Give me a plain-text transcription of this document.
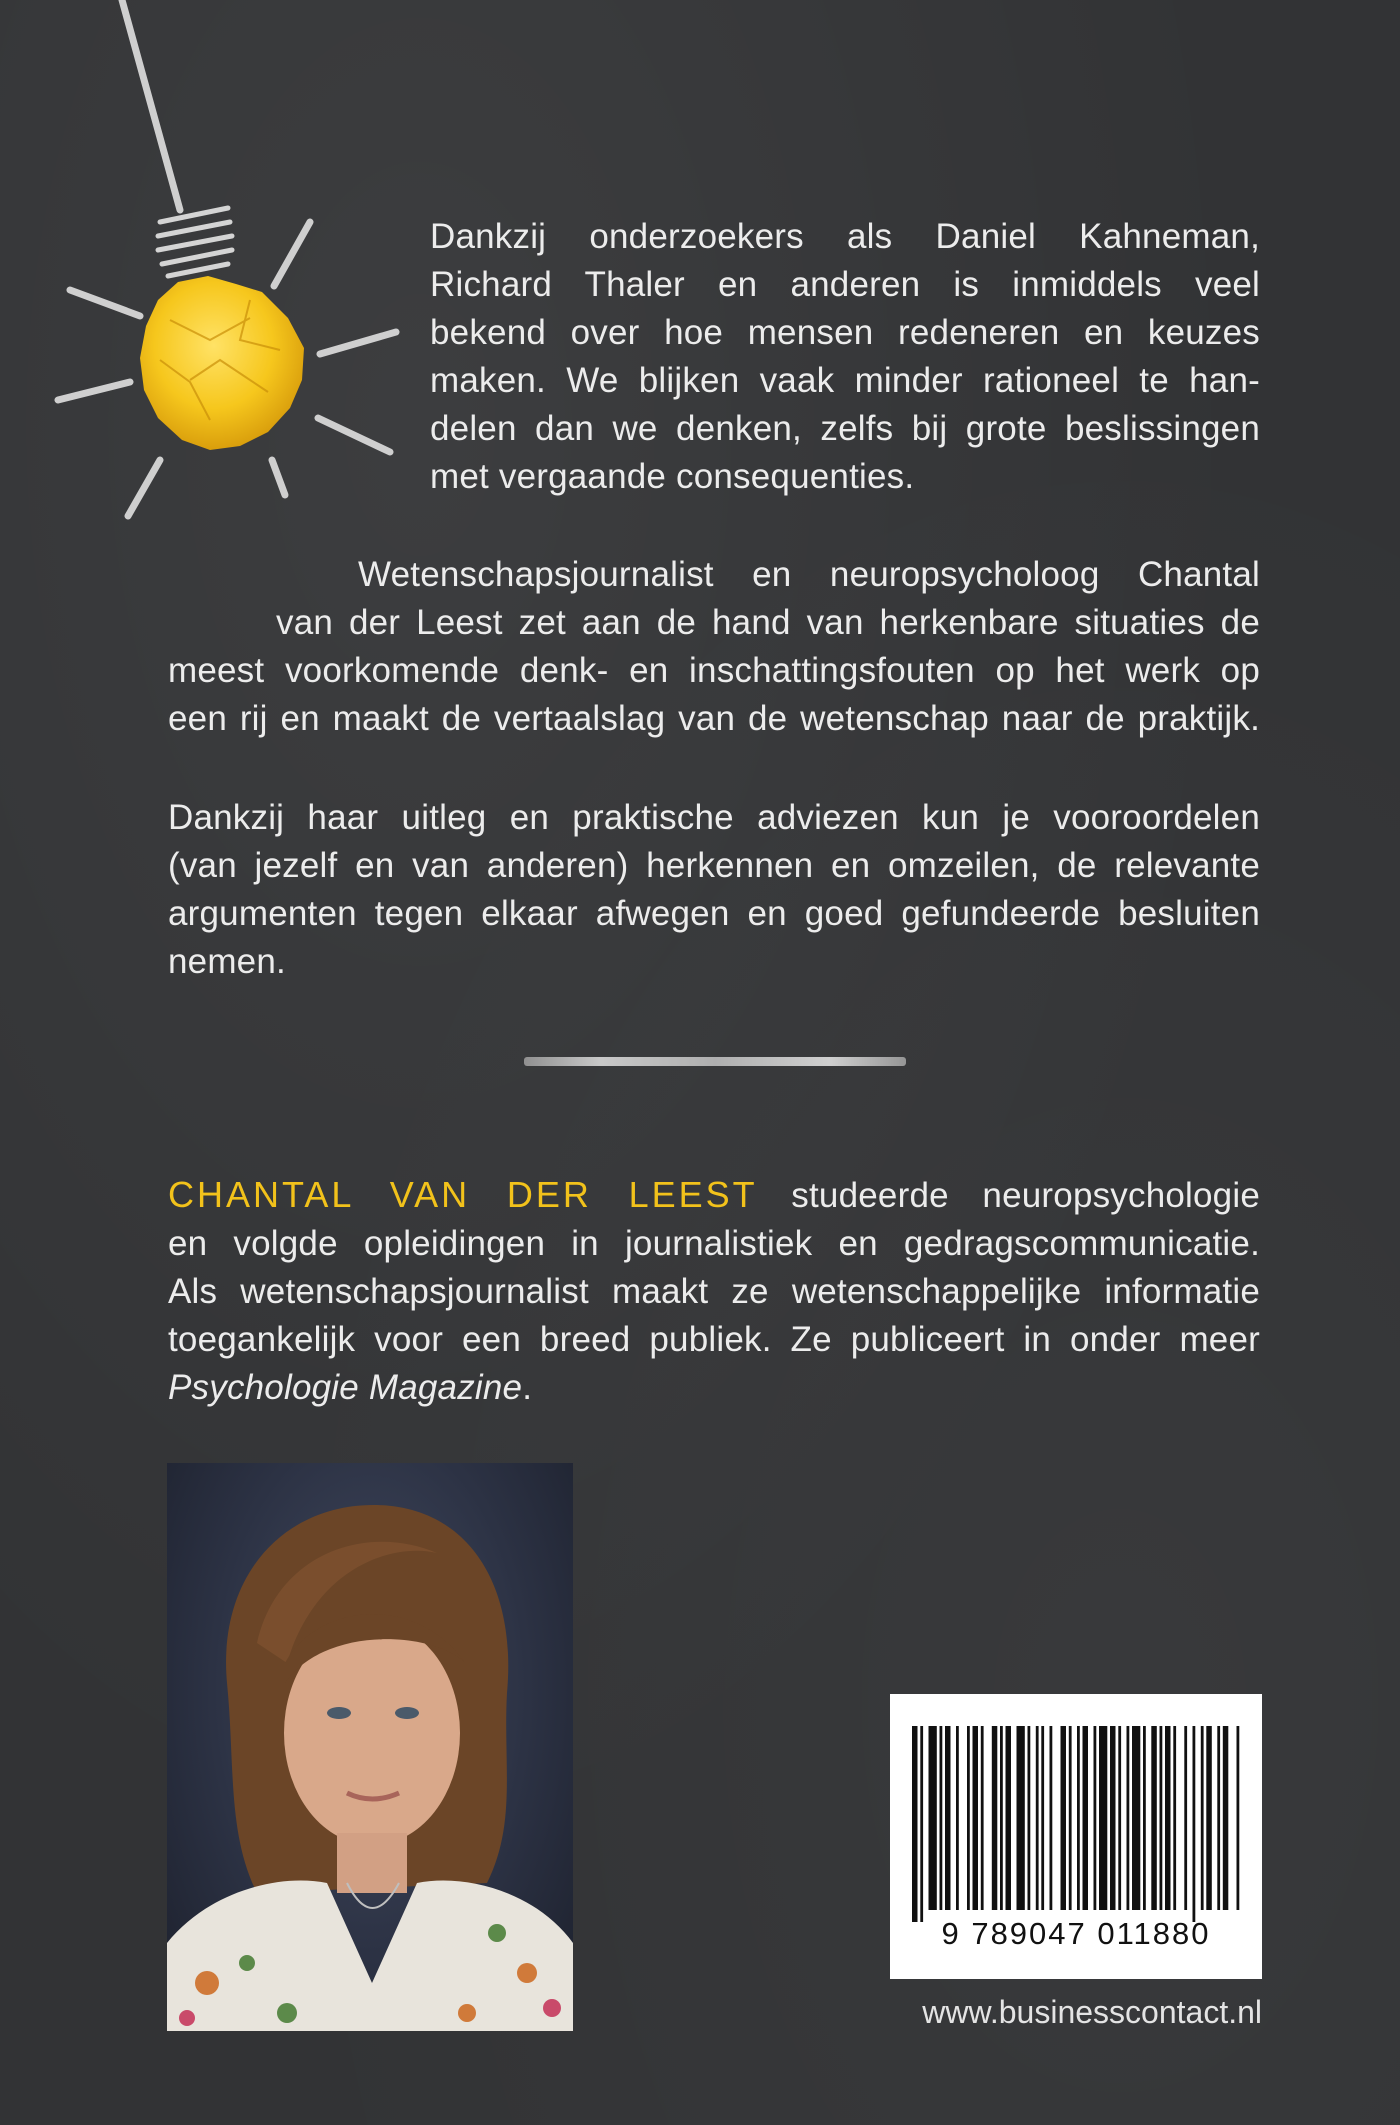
Dankzij onderzoekers als Daniel Kahneman,
Richard Thaler en anderen is inmiddels veel
bekend over hoe mensen redeneren en keuzes
maken. We blijken vaak minder rationeel te han-
delen dan we denken, zelfs bij grote beslissingen
met vergaande consequenties.
Wetenschapsjournalist en neuropsycholoog Chantal
van der Leest zet aan de hand van herkenbare situaties de
meest voorkomende denk- en inschattingsfouten op het werk op
een rij en maakt de vertaalslag van de wetenschap naar de praktijk.
Dankzij haar uitleg en praktische adviezen kun je vooroordelen
(van jezelf en van anderen) herkennen en omzeilen, de relevante
argumenten tegen elkaar afwegen en goed gefundeerde besluiten
nemen.
CHANTAL VAN DER LEEST studeerde neuropsychologie
en volgde opleidingen in journalistiek en gedragscommunicatie.
Als wetenschapsjournalist maakt ze wetenschappelijke informatie
toegankelijk voor een breed publiek. Ze publiceert in onder meer
Psychologie Magazine.
9 789047 011880
www.businesscontact.nl
